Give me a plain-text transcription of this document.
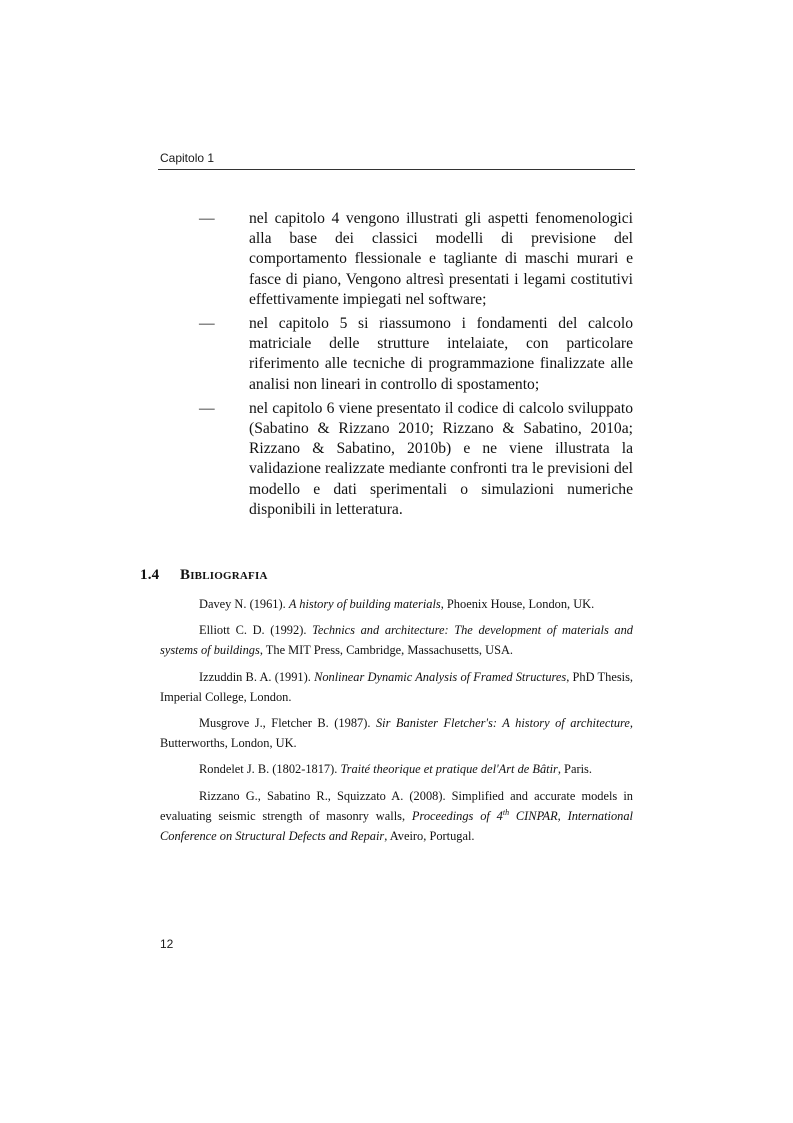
Capitolo 1
— nel capitolo 4 vengono illustrati gli aspetti fenomenologici alla base dei classici modelli di previsione del comportamento flessionale e tagliante di maschi murari e fasce di piano, Vengono altresì presentati i legami costitutivi effettivamente impiegati nel software;
— nel capitolo 5 si riassumono i fondamenti del calcolo matriciale delle strutture intelaiate, con particolare riferimento alle tecniche di programmazione finalizzate alle analisi non lineari in controllo di spostamento;
— nel capitolo 6 viene presentato il codice di calcolo sviluppato (Sabatino & Rizzano 2010; Rizzano & Sabatino, 2010a; Rizzano & Sabatino, 2010b) e ne viene illustrata la validazione realizzate mediante confronti tra le previsioni del modello e dati sperimentali o simulazioni numeriche disponibili in letteratura.
1.4 Bibliografia

Davey N. (1961). A history of building materials, Phoenix House, London, UK.

Elliott C. D. (1992). Technics and architecture: The development of materials and systems of buildings, The MIT Press, Cambridge, Massachusetts, USA.

Izzuddin B. A. (1991). Nonlinear Dynamic Analysis of Framed Structures, PhD Thesis, Imperial College, London.

Musgrove J., Fletcher B. (1987). Sir Banister Fletcher's: A history of architecture, Butterworths, London, UK.

Rondelet J. B. (1802-1817). Traité theorique et pratique del'Art de Bâtir, Paris.

Rizzano G., Sabatino R., Squizzato A. (2008). Simplified and accurate models in evaluating seismic strength of masonry walls, Proceedings of 4th CINPAR, International Conference on Structural Defects and Repair, Aveiro, Portugal.

12
